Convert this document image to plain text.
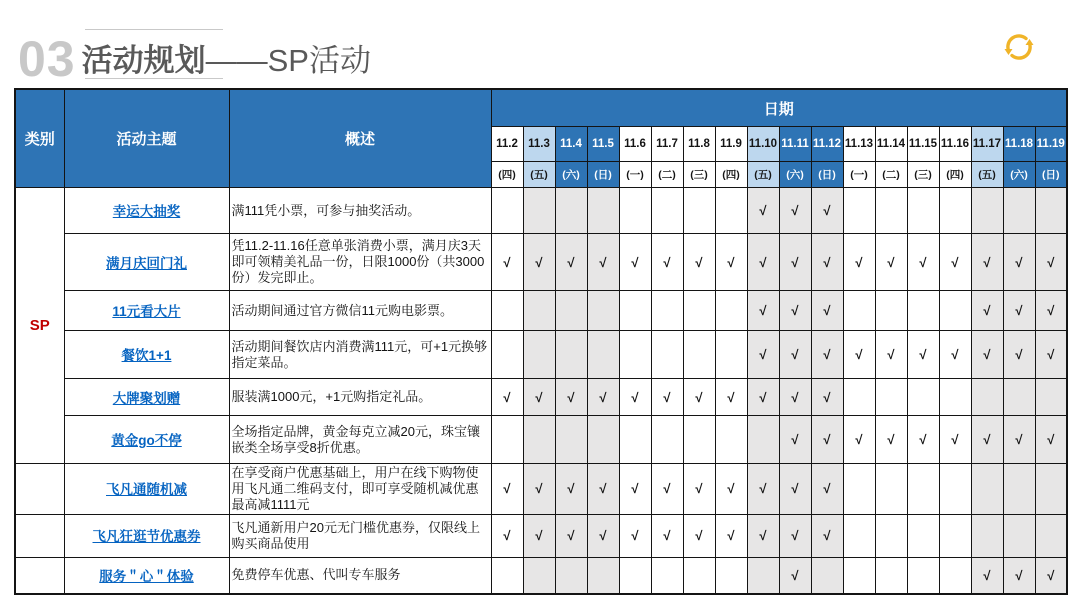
03 活动规划——SP活动
类别	活动主题	概述	日期																	
			11.2	11.3	11.4	11.5	11.6	11.7	11.8	11.9	11.10	11.11	11.12	11.13	11.14	11.15	11.16	11.17	11.18	11.19
			(四)	(五)	(六)	(日)	(一)	(二)	(三)	(四)	(五)	(六)	(日)	(一)	(二)	(三)	(四)	(五)	(六)	(日)
SP	幸运大抽奖	满111凭小票，可参与抽奖活动。									√	√	√							
	满月庆回门礼	凭11.2-11.16任意单张消费小票，满月庆3天即可领精美礼品一份，日限1000份（共3000份）发完即止。	√	√	√	√	√	√	√	√	√	√	√	√	√	√	√	√	√	√
	11元看大片	活动期间通过官方微信11元购电影票。									√	√	√					√	√	√
	餐饮1+1	活动期间餐饮店内消费满111元，可+1元换够指定菜品。									√	√	√	√	√	√	√	√	√	√
	大牌聚划赠	服装满1000元，+1元购指定礼品。	√	√	√	√	√	√	√	√	√	√	√							
	黄金go不停	全场指定品牌，黄金每克立减20元，珠宝镶嵌类全场享受8折优惠。										√	√	√	√	√	√	√	√	√
	飞凡通随机减	在享受商户优惠基础上，用户在线下购物使用飞凡通二维码支付，即可享受随机减优惠最高减1111元	√	√	√	√	√	√	√	√	√	√	√							
	飞凡狂逛节优惠券	飞凡通新用户20元无门槛优惠券，仅限线上购买商品使用	√	√	√	√	√	√	√	√	√	√	√							
	服务＂心＂体验	免费停车优惠、代叫专车服务										√						√	√	√
